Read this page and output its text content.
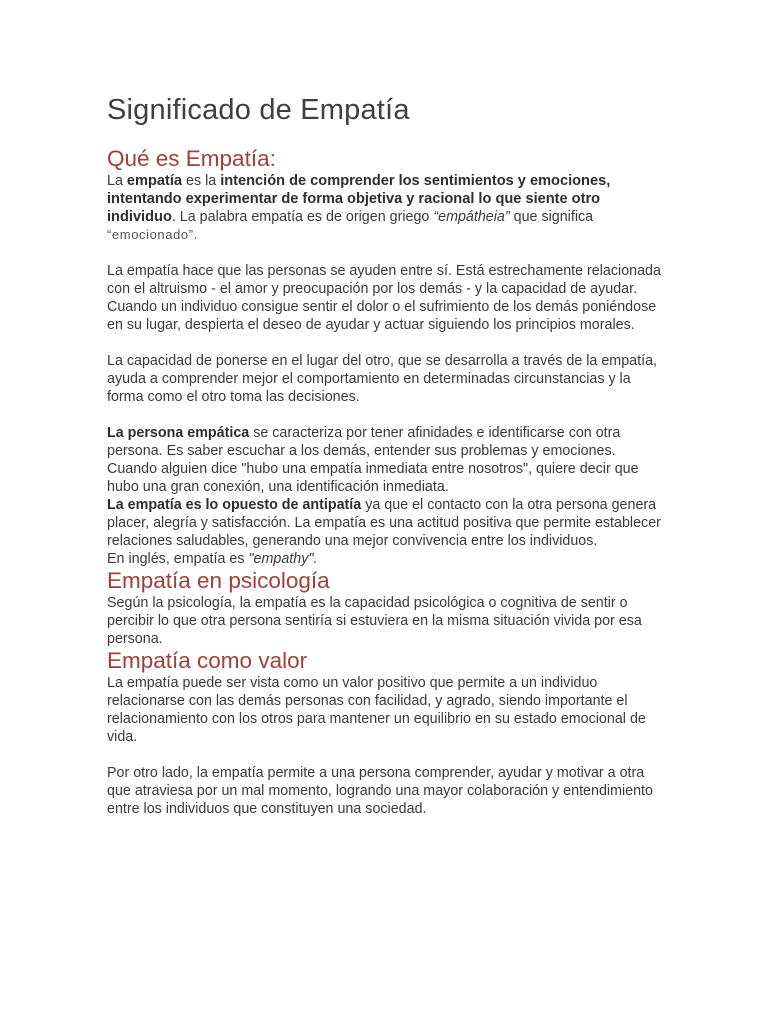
Significado de Empatía
Qué es Empatía:

La empatía es la intención de comprender los sentimientos y emociones, intentando experimentar de forma objetiva y racional lo que siente otro individuo. La palabra empatía es de origen griego “empátheia” que significa “emocionado”.

La empatía hace que las personas se ayuden entre sí. Está estrechamente relacionada con el altruismo - el amor y preocupación por los demás - y la capacidad de ayudar.

Cuando un individuo consigue sentir el dolor o el sufrimiento de los demás poniéndose en su lugar, despierta el deseo de ayudar y actuar siguiendo los principios morales.

La capacidad de ponerse en el lugar del otro, que se desarrolla a través de la empatía, ayuda a comprender mejor el comportamiento en determinadas circunstancias y la forma como el otro toma las decisiones.

La persona empática se caracteriza por tener afinidades e identificarse con otra persona. Es saber escuchar a los demás, entender sus problemas y emociones. Cuando alguien dice "hubo una empatía inmediata entre nosotros", quiere decir que hubo una gran conexión, una identificación inmediata.

La empatía es lo opuesto de antipatía ya que el contacto con la otra persona genera placer, alegría y satisfacción. La empatía es una actitud positiva que permite establecer relaciones saludables, generando una mejor convivencia entre los individuos.

En inglés, empatía es "empathy".

Empatía en psicología

Según la psicología, la empatía es la capacidad psicológica o cognitiva de sentir o percibir lo que otra persona sentiría si estuviera en la misma situación vivida por esa persona.

Empatía como valor

La empatía puede ser vista como un valor positivo que permite a un individuo relacionarse con las demás personas con facilidad, y agrado, siendo importante el relacionamiento con los otros para mantener un equilibrio en su estado emocional de vida.

Por otro lado, la empatía permite a una persona comprender, ayudar y motivar a otra que atraviesa por un mal momento, logrando una mayor colaboración y entendimiento entre los individuos que constituyen una sociedad.
